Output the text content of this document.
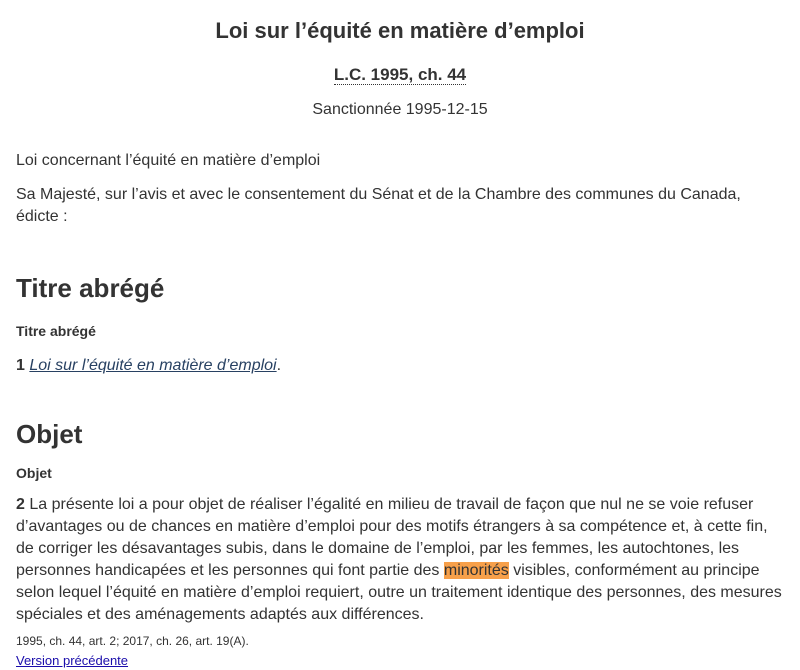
Loi sur l’équité en matière d’emploi
L.C. 1995, ch. 44
Sanctionnée 1995-12-15

Loi concernant l’équité en matière d’emploi

Sa Majesté, sur l’avis et avec le consentement du Sénat et de la Chambre des communes du Canada, édicte :

Titre abrégé
Titre abrégé

1 Loi sur l’équité en matière d’emploi.

Objet
Objet

2 La présente loi a pour objet de réaliser l’égalité en milieu de travail de façon que nul ne se voie refuser d’avantages ou de chances en matière d’emploi pour des motifs étrangers à sa compétence et, à cette fin, de corriger les désavantages subis, dans le domaine de l’emploi, par les femmes, les autochtones, les personnes handicapées et les personnes qui font partie des minorités visibles, conformément au principe selon lequel l’équité en matière d’emploi requiert, outre un traitement identique des personnes, des mesures spéciales et des aménagements adaptés aux différences.

1995, ch. 44, art. 2; 2017, ch. 26, art. 19(A).
Version précédente
